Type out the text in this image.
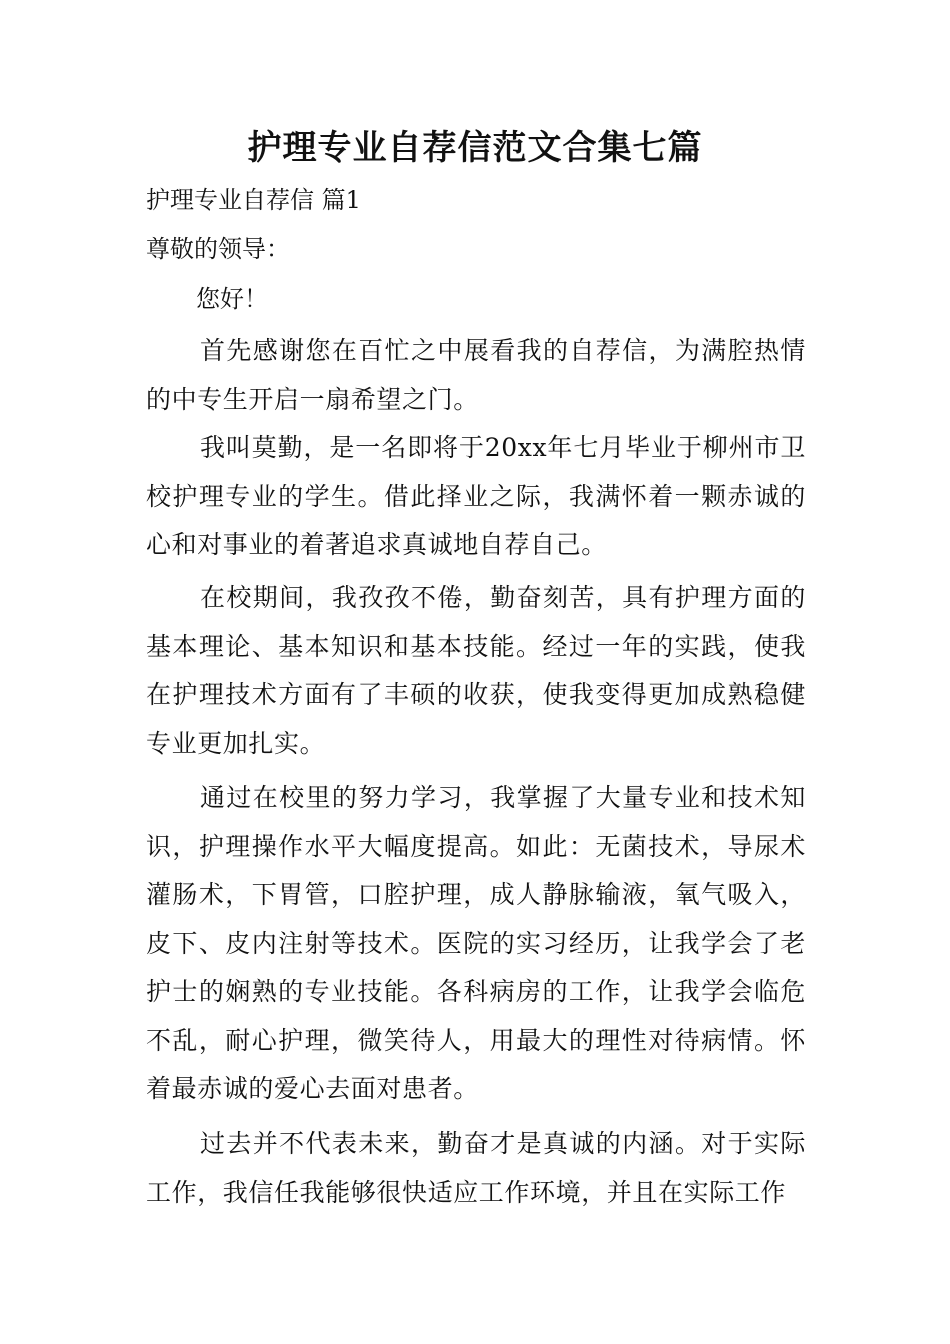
护理专业自荐信范文合集七篇

护理专业自荐信 篇1

尊敬的领导：

您好！

首先感谢您在百忙之中展看我的自荐信，为满腔热情的中专生开启一扇希望之门。

我叫莫勤，是一名即将于20xx年七月毕业于柳州市卫校护理专业的学生。借此择业之际，我满怀着一颗赤诚的心和对事业的着著追求真诚地自荐自己。

在校期间，我孜孜不倦，勤奋刻苦，具有护理方面的基本理论、基本知识和基本技能。经过一年的实践，使我在护理技术方面有了丰硕的收获，使我变得更加成熟稳健专业更加扎实。

通过在校里的努力学习，我掌握了大量专业和技术知识，护理操作水平大幅度提高。如此：无菌技术，导尿术灌肠术，下胃管，口腔护理，成人静脉输液，氧气吸入，皮下、皮内注射等技术。医院的实习经历，让我学会了老护士的娴熟的专业技能。各科病房的工作，让我学会临危不乱，耐心护理，微笑待人，用最大的理性对待病情。怀着最赤诚的爱心去面对患者。

过去并不代表未来，勤奋才是真诚的内涵。对于实际工作，我信任我能够很快适应工作环境，并且在实际工作
